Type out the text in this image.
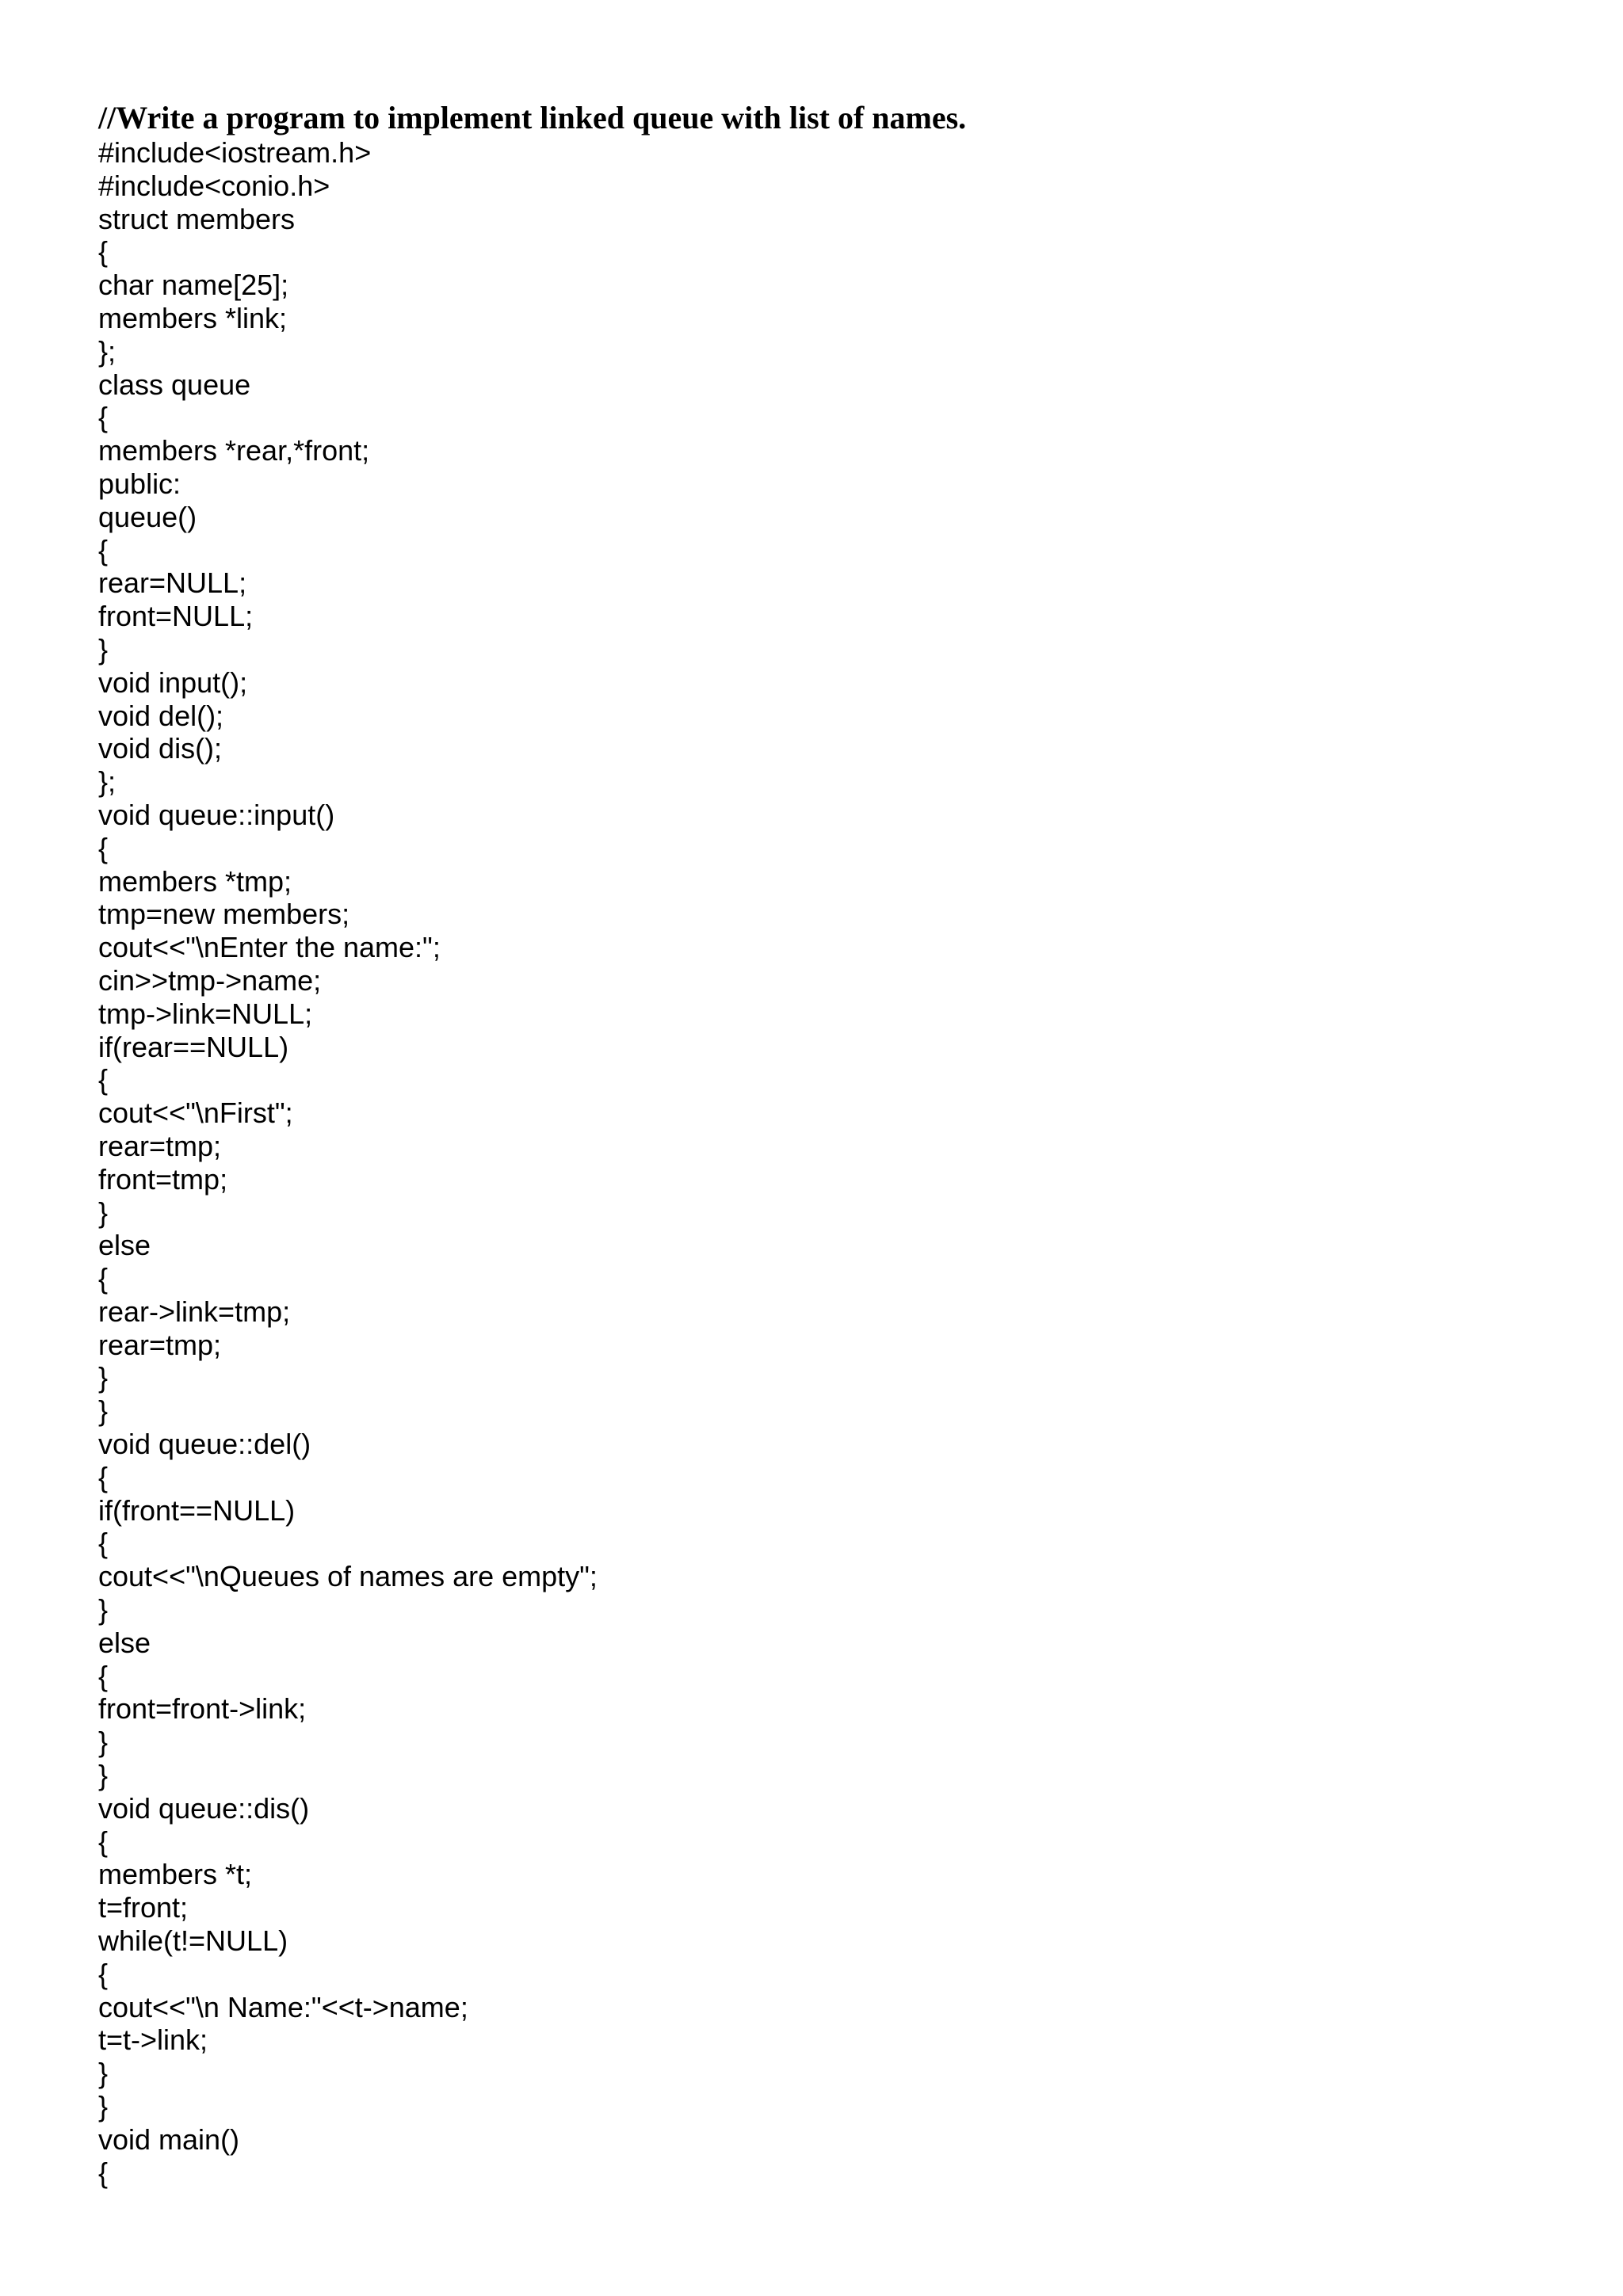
//Write a program to implement linked queue with list of names.
#include<iostream.h>
#include<conio.h>
struct members
{
char name[25];
members *link;
};
class queue
{
members *rear,*front;
public:
queue()
{
rear=NULL;
front=NULL;
}
void input();
void del();
void dis();
};
void queue::input()
{
members *tmp;
tmp=new members;
cout<<"\nEnter the name:";
cin>>tmp->name;
tmp->link=NULL;
if(rear==NULL)
{
cout<<"\nFirst";
rear=tmp;
front=tmp;
}
else
{
rear->link=tmp;
rear=tmp;
}
}
void queue::del()
{
if(front==NULL)
{
cout<<"\nQueues of names are empty";
}
else
{
front=front->link;
}
}
void queue::dis()
{
members *t;
t=front;
while(t!=NULL)
{
cout<<"\n Name:"<<t->name;
t=t->link;
}
}
void main()
{
